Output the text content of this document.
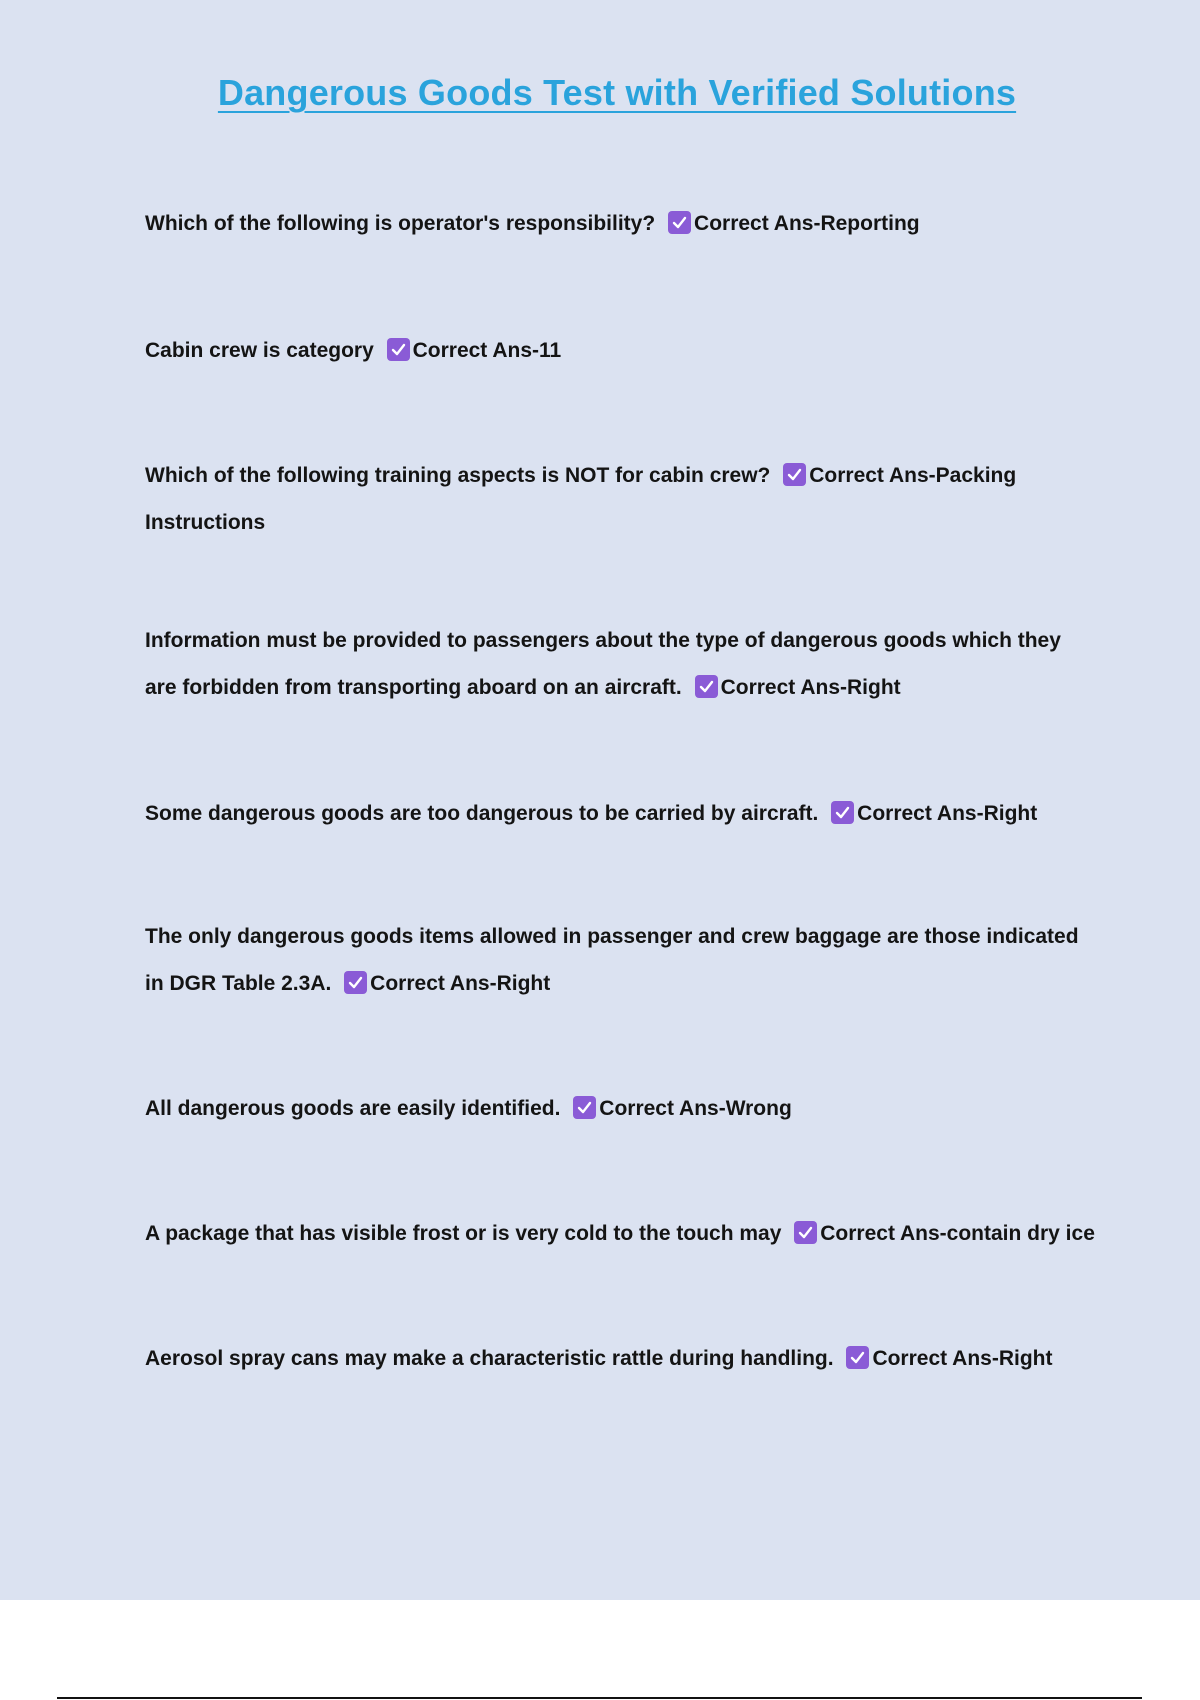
Dangerous Goods Test with Verified Solutions

Which of the following is operator's responsibility? Correct Ans-Reporting

Cabin crew is category Correct Ans-11

Which of the following training aspects is NOT for cabin crew? Correct Ans-Packing Instructions

Information must be provided to passengers about the type of dangerous goods which they are forbidden from transporting aboard on an aircraft. Correct Ans-Right

Some dangerous goods are too dangerous to be carried by aircraft. Correct Ans-Right

The only dangerous goods items allowed in passenger and crew baggage are those indicated in DGR Table 2.3A. Correct Ans-Right

All dangerous goods are easily identified. Correct Ans-Wrong

A package that has visible frost or is very cold to the touch may Correct Ans-contain dry ice

Aerosol spray cans may make a characteristic rattle during handling. Correct Ans-Right
